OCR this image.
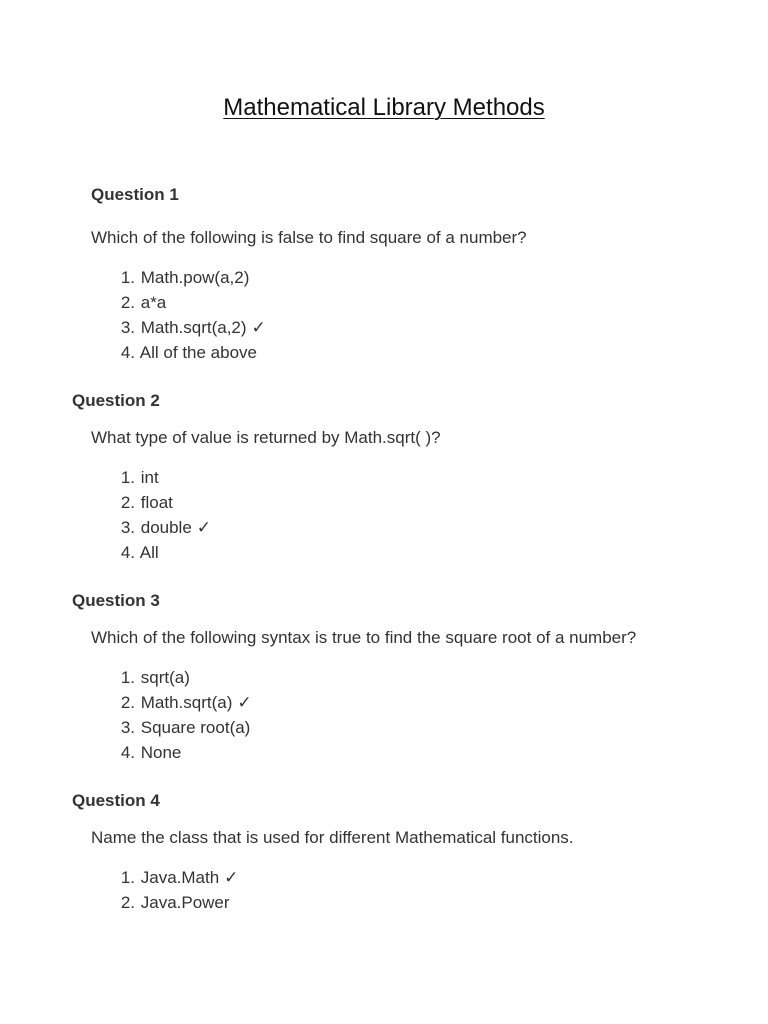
Mathematical Library Methods
Question 1
Which of the following is false to find square of a number?
1. Math.pow(a,2)
2. a*a
3. Math.sqrt(a,2) ✓
4. All of the above
Question 2
What type of value is returned by Math.sqrt( )?
1. int
2. float
3. double ✓
4. All
Question 3
Which of the following syntax is true to find the square root of a number?
1. sqrt(a)
2. Math.sqrt(a) ✓
3. Square root(a)
4. None
Question 4
Name the class that is used for different Mathematical functions.
1. Java.Math ✓
2. Java.Power
